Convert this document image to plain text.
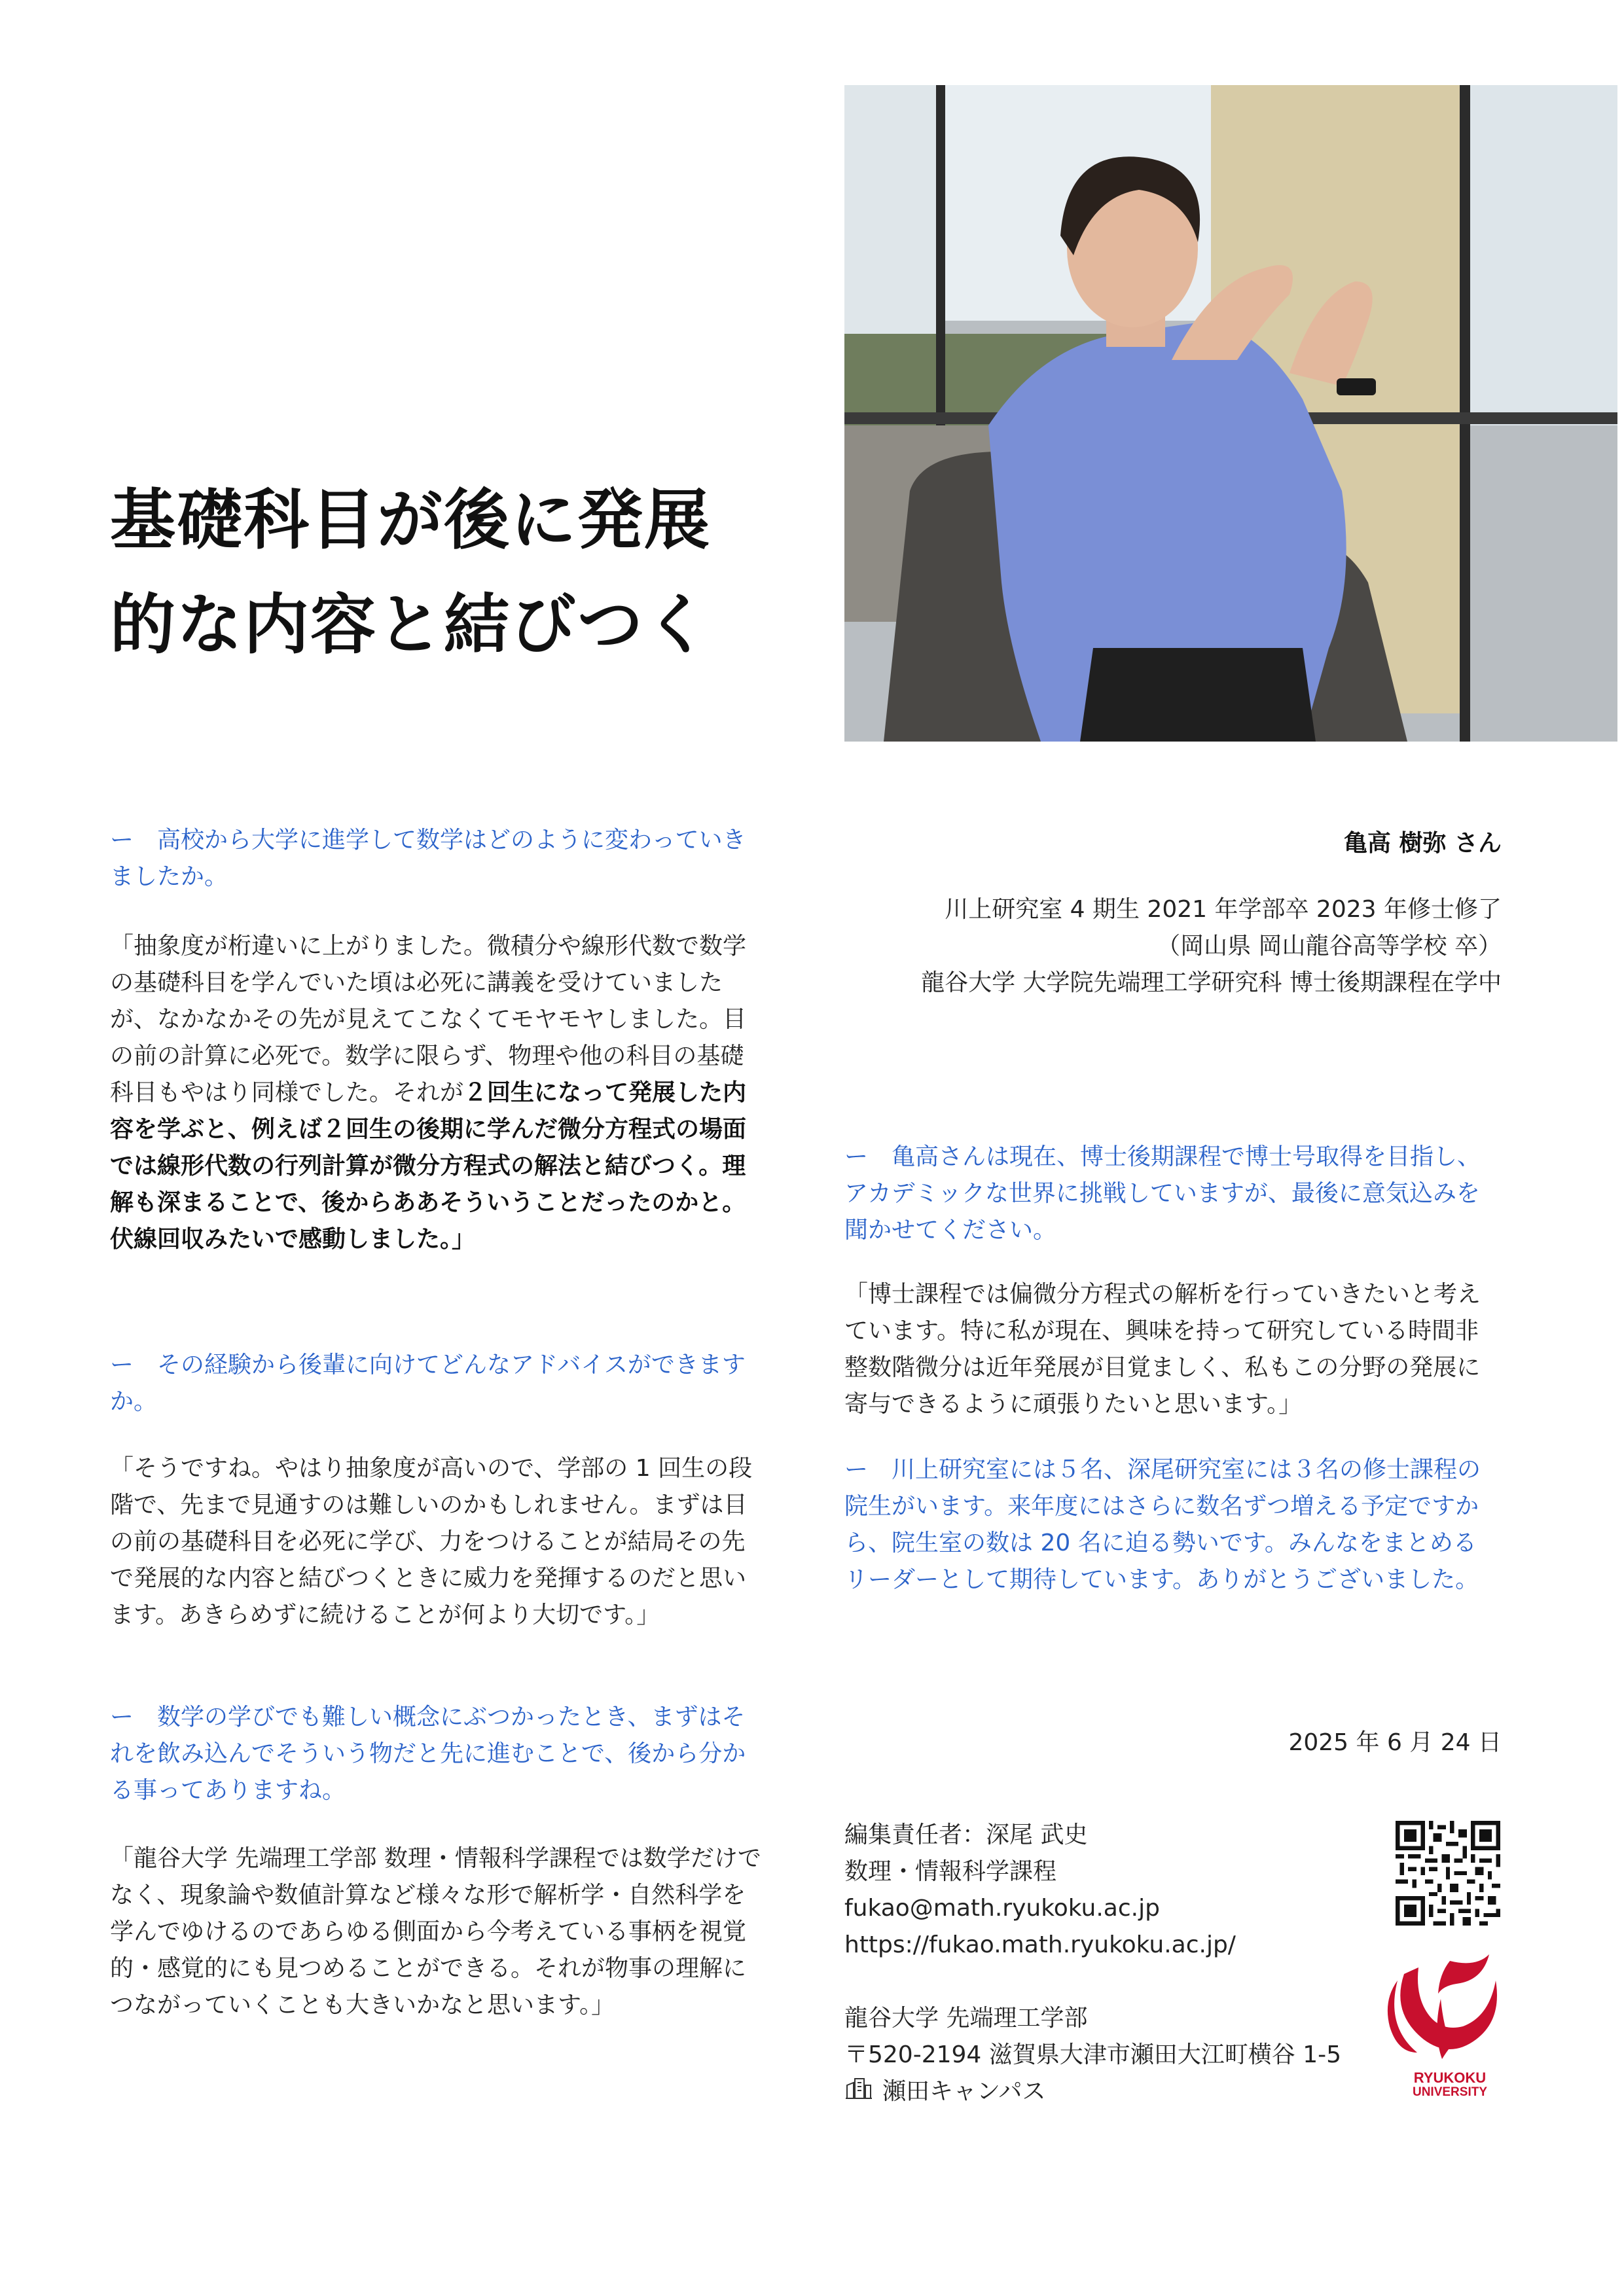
基礎科目が後に発展
的な内容と結びつく
亀高 樹弥 さん
川上研究室 4 期生 2021 年学部卒 2023 年修士修了
（岡山県 岡山龍谷高等学校 卒）
龍谷大学 大学院先端理工学研究科 博士後期課程在学中

ー　高校から大学に進学して数学はどのように変わっていきましたか。

「抽象度が桁違いに上がりました。微積分や線形代数で数学の基礎科目を学んでいた頃は必死に講義を受けていましたが、なかなかその先が見えてこなくてモヤモヤしました。目の前の計算に必死で。数学に限らず、物理や他の科目の基礎科目もやはり同様でした。それが２回生になって発展した内容を学ぶと、例えば２回生の後期に学んだ微分方程式の場面では線形代数の行列計算が微分方程式の解法と結びつく。理解も深まることで、後からああそういうことだったのかと。伏線回収みたいで感動しました。」

ー　その経験から後輩に向けてどんなアドバイスができますか。

「そうですね。やはり抽象度が高いので、学部の 1 回生の段階で、先まで見通すのは難しいのかもしれません。まずは目の前の基礎科目を必死に学び、力をつけることが結局その先で発展的な内容と結びつくときに威力を発揮するのだと思います。あきらめずに続けることが何より大切です。」

ー　数学の学びでも難しい概念にぶつかったとき、まずはそれを飲み込んでそういう物だと先に進むことで、後から分かる事ってありますね。

「龍谷大学 先端理工学部 数理・情報科学課程では数学だけでなく、現象論や数値計算など様々な形で解析学・自然科学を学んでゆけるのであらゆる側面から今考えている事柄を視覚的・感覚的にも見つめることができる。それが物事の理解につながっていくことも大きいかなと思います。」

ー　亀高さんは現在、博士後期課程で博士号取得を目指し、アカデミックな世界に挑戦していますが、最後に意気込みを聞かせてください。

「博士課程では偏微分方程式の解析を行っていきたいと考えています。特に私が現在、興味を持って研究している時間非整数階微分は近年発展が目覚ましく、私もこの分野の発展に寄与できるように頑張りたいと思います。」

ー　川上研究室には５名、深尾研究室には３名の修士課程の院生がいます。来年度にはさらに数名ずつ増える予定ですから、院生室の数は 20 名に迫る勢いです。みんなをまとめるリーダーとして期待しています。ありがとうございました。

2025 年 6 月 24 日
編集責任者：深尾 武史
数理・情報科学課程
fukao@math.ryukoku.ac.jp
https://fukao.math.ryukoku.ac.jp/
龍谷大学 先端理工学部
〒520-2194 滋賀県大津市瀬田大江町横谷 1-5
瀬田キャンパス
RYUKOKU
UNIVERSITY
